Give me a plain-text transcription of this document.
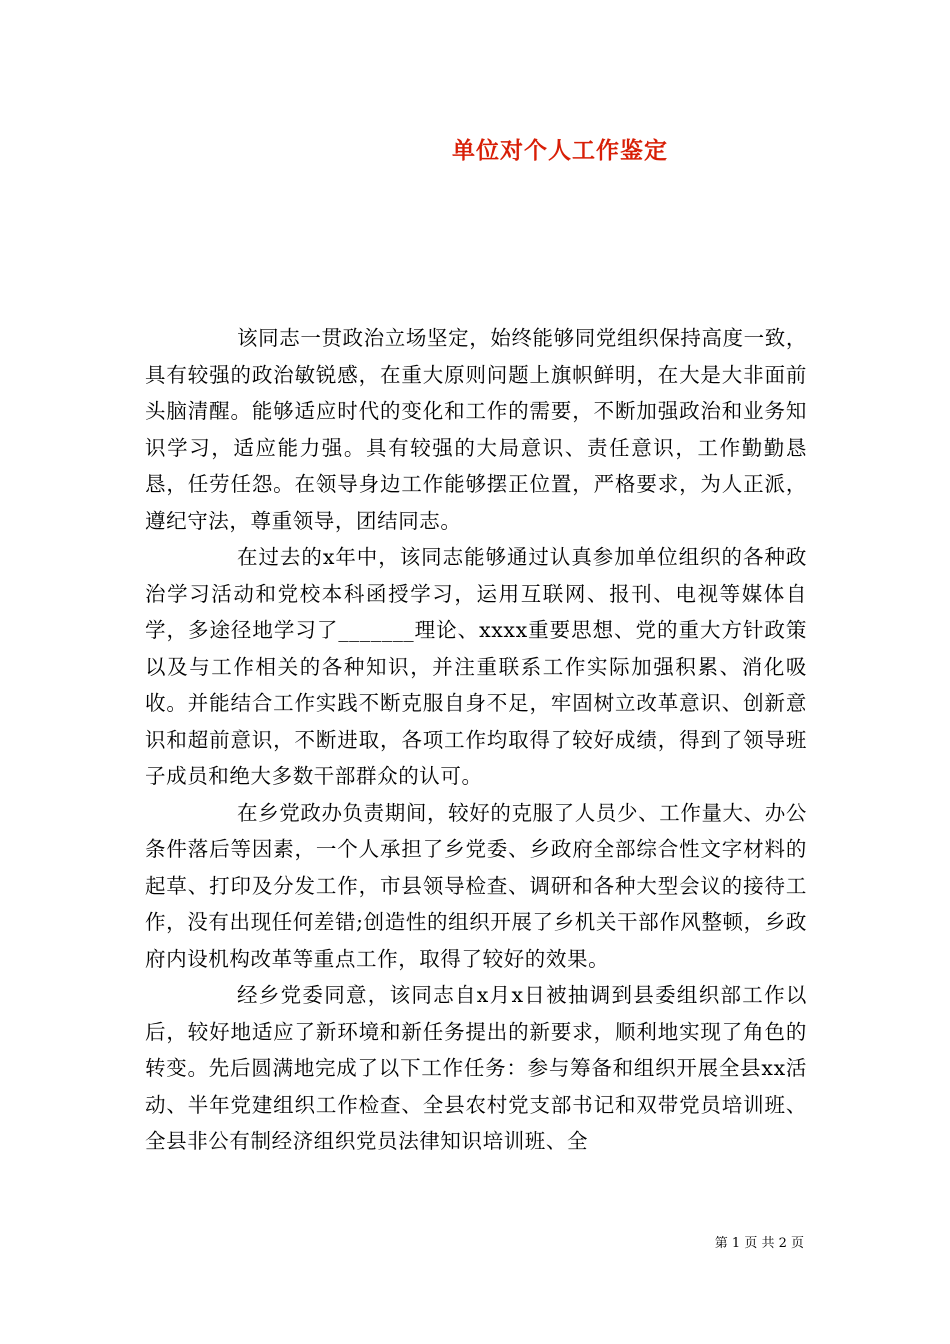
单位对个人工作鉴定

该同志一贯政治立场坚定，始终能够同党组织保持高度一致，具有较强的政治敏锐感，在重大原则问题上旗帜鲜明，在大是大非面前头脑清醒。能够适应时代的变化和工作的需要，不断加强政治和业务知识学习，适应能力强。具有较强的大局意识、责任意识，工作勤勤恳恳，任劳任怨。在领导身边工作能够摆正位置，严格要求，为人正派，遵纪守法，尊重领导，团结同志。

在过去的x年中，该同志能够通过认真参加单位组织的各种政治学习活动和党校本科函授学习，运用互联网、报刊、电视等媒体自学，多途径地学习了_______理论、xxxx重要思想、党的重大方针政策以及与工作相关的各种知识，并注重联系工作实际加强积累、消化吸收。并能结合工作实践不断克服自身不足，牢固树立改革意识、创新意识和超前意识，不断进取，各项工作均取得了较好成绩，得到了领导班子成员和绝大多数干部群众的认可。

在乡党政办负责期间，较好的克服了人员少、工作量大、办公条件落后等因素，一个人承担了乡党委、乡政府全部综合性文字材料的起草、打印及分发工作，市县领导检查、调研和各种大型会议的接待工作，没有出现任何差错;创造性的组织开展了乡机关干部作风整顿，乡政府内设机构改革等重点工作，取得了较好的效果。

经乡党委同意，该同志自x月x日被抽调到县委组织部工作以后，较好地适应了新环境和新任务提出的新要求，顺利地实现了角色的转变。先后圆满地完成了以下工作任务：参与筹备和组织开展全县xx活动、半年党建组织工作检查、全县农村党支部书记和双带党员培训班、全县非公有制经济组织党员法律知识培训班、全

第 1 页 共 2 页
